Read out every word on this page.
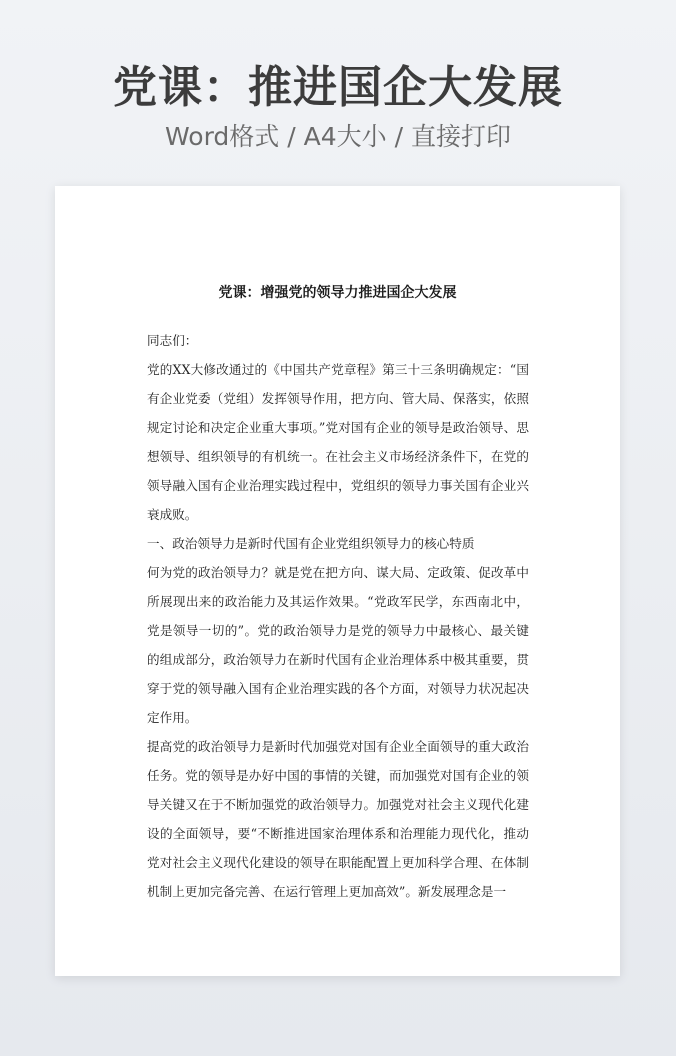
党课：推进国企大发展
Word格式 / A4大小 / 直接打印
党课：增强党的领导力推进国企大发展

同志们：

党的XX大修改通过的《中国共产党章程》第三十三条明确规定：“国有企业党委（党组）发挥领导作用，把方向、管大局、保落实，依照规定讨论和决定企业重大事项。”党对国有企业的领导是政治领导、思想领导、组织领导的有机统一。在社会主义市场经济条件下，在党的领导融入国有企业治理实践过程中，党组织的领导力事关国有企业兴衰成败。

一、政治领导力是新时代国有企业党组织领导力的核心特质

何为党的政治领导力？就是党在把方向、谋大局、定政策、促改革中所展现出来的政治能力及其运作效果。“党政军民学，东西南北中，党是领导一切的”。党的政治领导力是党的领导力中最核心、最关键的组成部分，政治领导力在新时代国有企业治理体系中极其重要，贯穿于党的领导融入国有企业治理实践的各个方面，对领导力状况起决定作用。

提高党的政治领导力是新时代加强党对国有企业全面领导的重大政治任务。党的领导是办好中国的事情的关键，而加强党对国有企业的领导关键又在于不断加强党的政治领导力。加强党对社会主义现代化建设的全面领导，要“不断推进国家治理体系和治理能力现代化，推动党对社会主义现代化建设的领导在职能配置上更加科学合理、在体制机制上更加完备完善、在运行管理上更加高效”。新发展理念是一
